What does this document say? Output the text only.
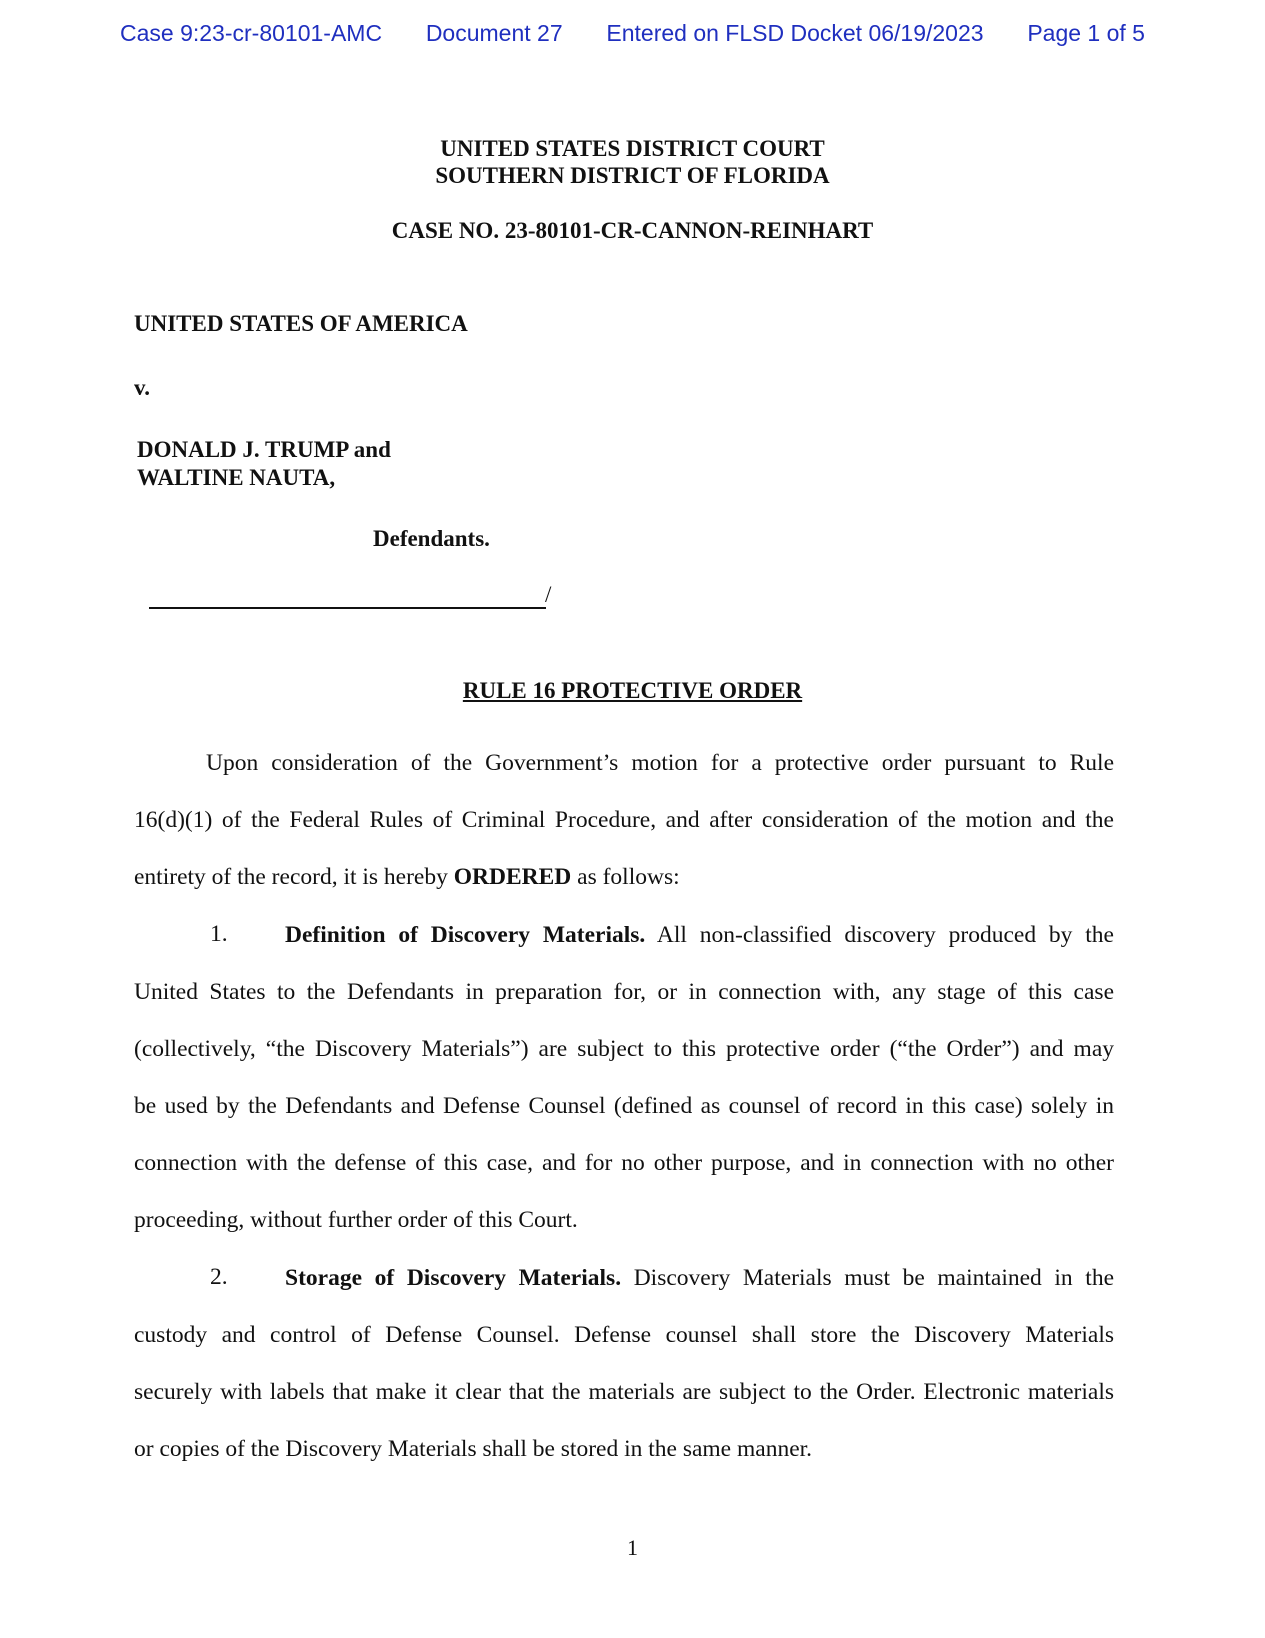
Case 9:23-cr-80101-AMC Document 27 Entered on FLSD Docket 06/19/2023 Page 1 of 5
UNITED STATES DISTRICT COURT
SOUTHERN DISTRICT OF FLORIDA
CASE NO. 23-80101-CR-CANNON-REINHART
UNITED STATES OF AMERICA
v.
DONALD J. TRUMP and
WALTINE NAUTA,
Defendants.
/
RULE 16 PROTECTIVE ORDER
Upon consideration of the Government’s motion for a protective order pursuant to Rule
16(d)(1) of the Federal Rules of Criminal Procedure, and after consideration of the motion and the
entirety of the record, it is hereby ORDERED as follows:
1. Definition of Discovery Materials. All non-classified discovery produced by the
United States to the Defendants in preparation for, or in connection with, any stage of this case
(collectively, “the Discovery Materials”) are subject to this protective order (“the Order”) and may
be used by the Defendants and Defense Counsel (defined as counsel of record in this case) solely in
connection with the defense of this case, and for no other purpose, and in connection with no other
proceeding, without further order of this Court.
2. Storage of Discovery Materials. Discovery Materials must be maintained in the
custody and control of Defense Counsel. Defense counsel shall store the Discovery Materials
securely with labels that make it clear that the materials are subject to the Order. Electronic materials
or copies of the Discovery Materials shall be stored in the same manner.
1
